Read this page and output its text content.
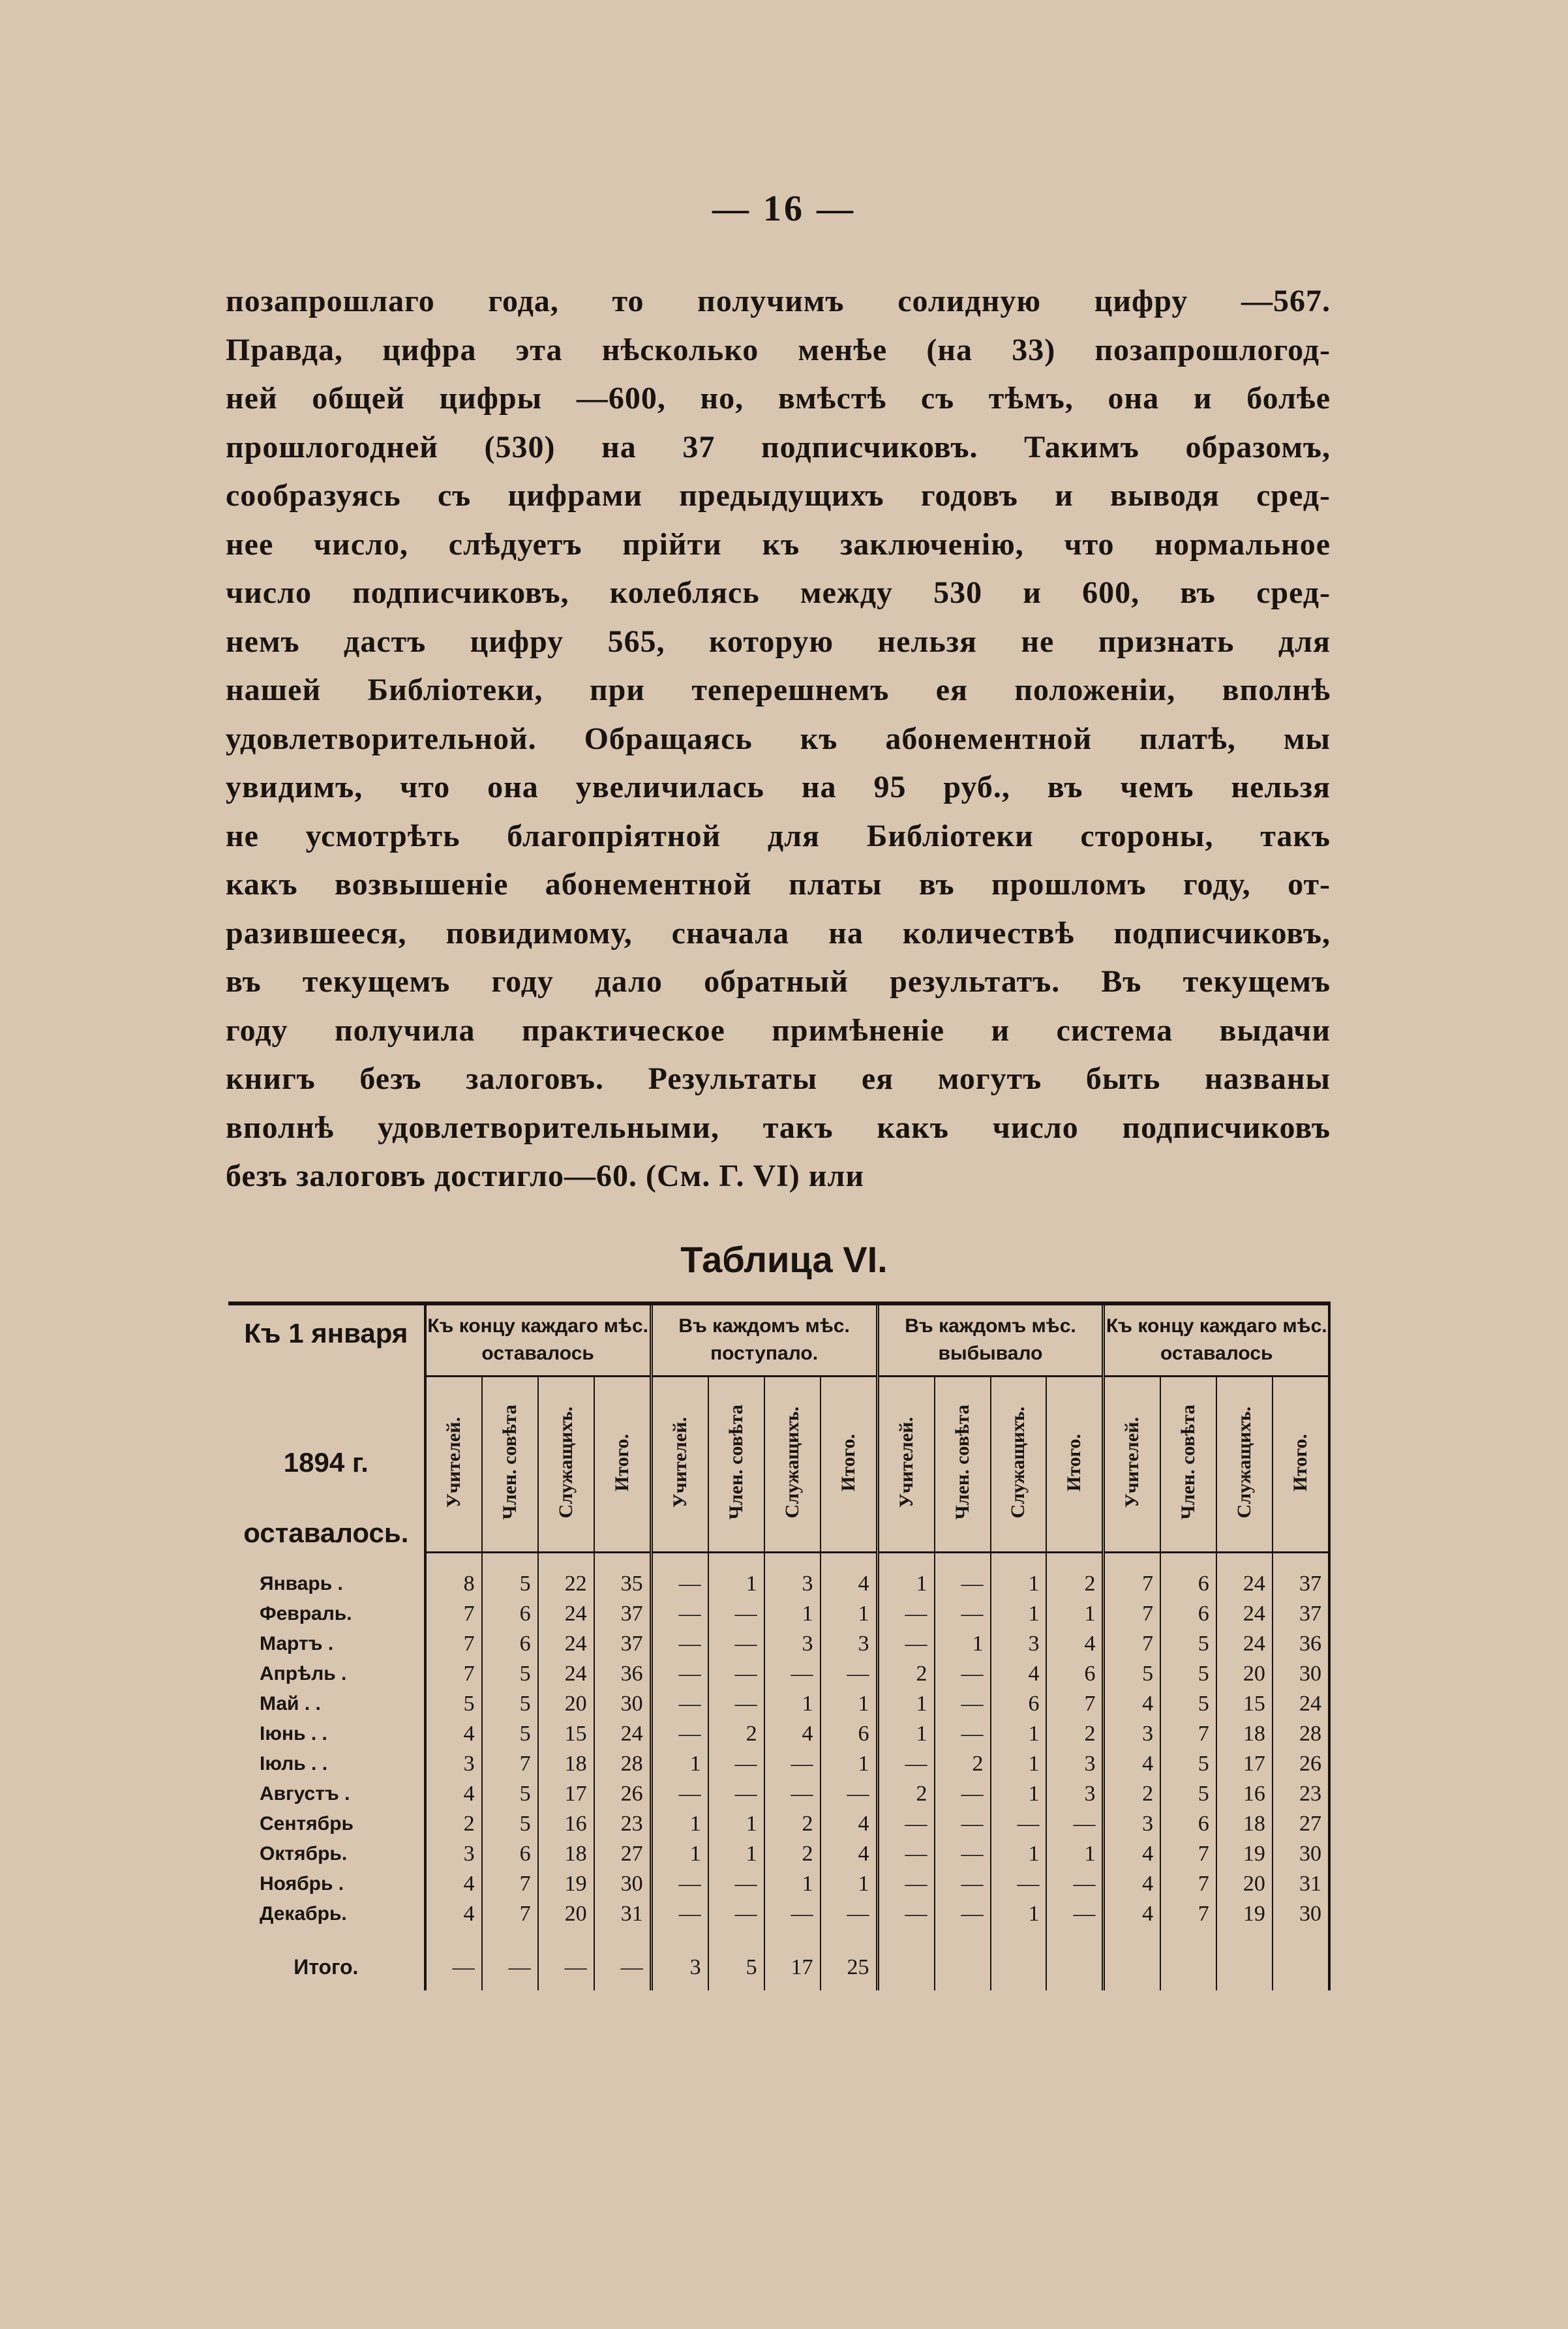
— 16 —
позапрошлаго года, то получимъ солидную цифру —567.
Правда, цифра эта нѣсколько менѣе (на 33) позапрошлогод-
ней общей цифры —600, но, вмѣстѣ съ тѣмъ, она и болѣе
прошлогодней (530) на 37 подписчиковъ. Такимъ образомъ,
сообразуясь съ цифрами предыдущихъ годовъ и выводя сред-
нее число, слѣдуетъ прійти къ заключенію, что нормальное
число подписчиковъ, колеблясь между 530 и 600, въ сред-
немъ дастъ цифру 565, которую нельзя не признать для
нашей Библіотеки, при теперешнемъ ея положеніи, вполнѣ
удовлетворительной. Обращаясь къ абонементной платѣ, мы
увидимъ, что она увеличилась на 95 руб., въ чемъ нельзя
не усмотрѣть благопріятной для Библіотеки стороны, такъ
какъ возвышеніе абонементной платы въ прошломъ году, от-
разившееся, повидимому, сначала на количествѣ подписчиковъ,
въ текущемъ году дало обратный результатъ. Въ текущемъ
году получила практическое примѣненіе и система выдачи
книгъ безъ залоговъ. Результаты ея могутъ быть названы
вполнѣ удовлетворительными, такъ какъ число подписчиковъ
безъ залоговъ достигло—60. (См. Г. VI) или
Таблица VI.
Къ 1 января
1894 г.
оставалось.	Къ концу каждаго мѣс. оставалось				Въ каждомъ мѣс. поступало.				Въ каждомъ мѣс. выбывало				Къ концу каждаго мѣс. оставалось			
	Учителей.	Член. совѣта	Служащихъ.	Итого.	Учителей.	Член. совѣта	Служащихъ.	Итого.	Учителей.	Член. совѣта	Служащихъ.	Итого.	Учителей.	Член. совѣта	Служащихъ.	Итого.

Январь .	8	5	22	35	—	1	3	4	1	—	1	2	7	6	24	37
Февраль.	7	6	24	37	—	—	1	1	—	—	1	1	7	6	24	37
Мартъ .	7	6	24	37	—	—	3	3	—	1	3	4	7	5	24	36
Апрѣль .	7	5	24	36	—	—	—	—	2	—	4	6	5	5	20	30
Май . .	5	5	20	30	—	—	1	1	1	—	6	7	4	5	15	24
Іюнь . .	4	5	15	24	—	2	4	6	1	—	1	2	3	7	18	28
Іюль . .	3	7	18	28	1	—	—	1	—	2	1	3	4	5	17	26
Августъ .	4	5	17	26	—	—	—	—	2	—	1	3	2	5	16	23
Сентябрь	2	5	16	23	1	1	2	4	—	—	—	—	3	6	18	27
Октябрь.	3	6	18	27	1	1	2	4	—	—	1	1	4	7	19	30
Ноябрь .	4	7	19	30	—	—	1	1	—	—	—	—	4	7	20	31
Декабрь.	4	7	20	31	—	—	—	—	—	—	1	—	4	7	19	30

Итого.	—	—	—	—	3	5	17	25								
